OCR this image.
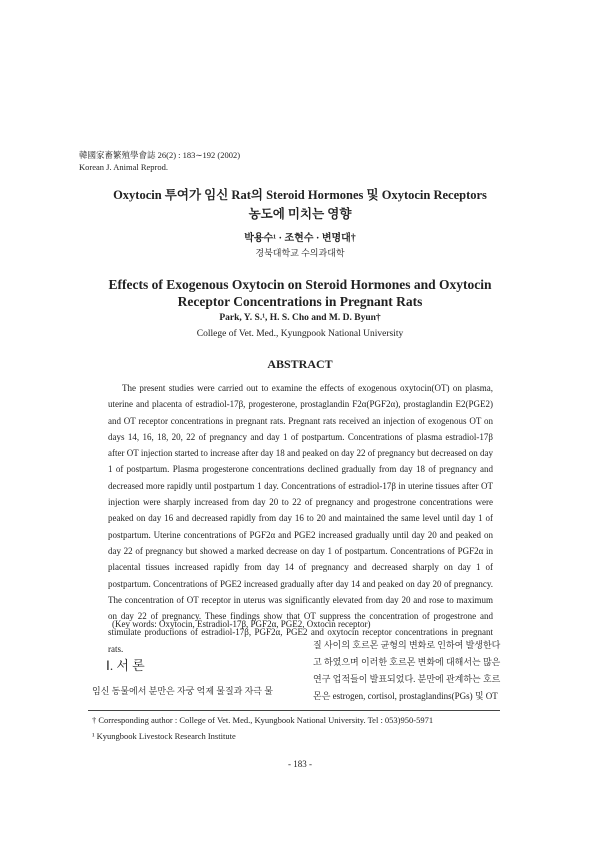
韓國家畜繁殖學會誌 26(2) : 183∼192 (2002)
Korean J. Animal Reprod.
Oxytocin 투여가 임신 Rat의 Steroid Hormones 및 Oxytocin Receptors
농도에 미치는 영향
박용수¹ · 조현수 · 변명대†
경북대학교 수의과대학
Effects of Exogenous Oxytocin on Steroid Hormones and Oxytocin
Receptor Concentrations in Pregnant Rats
Park, Y. S.¹, H. S. Cho and M. D. Byun†
College of Vet. Med., Kyungpook National University
ABSTRACT

The present studies were carried out to examine the effects of exogenous oxytocin(OT) on plasma, uterine and placenta of estradiol-17β, progesterone, prostaglandin F2α(PGF2α), prostaglandin E2(PGE2) and OT receptor concentrations in pregnant rats. Pregnant rats received an injection of exogenous OT on days 14, 16, 18, 20, 22 of pregnancy and day 1 of postpartum. Concentrations of plasma estradiol-17β after OT injection started to increase after day 18 and peaked on day 22 of pregnancy but decreased on day 1 of postpartum. Plasma progesterone concentrations declined gradually from day 18 of pregnancy and decreased more rapidly until postpartum 1 day. Concentrations of estradiol-17β in uterine tissues after OT injection were sharply increased from day 20 to 22 of pregnancy and progestrone concentrations were peaked on day 16 and decreased rapidly from day 16 to 20 and maintained the same level until day 1 of postpartum. Uterine concentrations of PGF2α and PGE2 increased gradually until day 20 and peaked on day 22 of pregnancy but showed a marked decrease on day 1 of postpartum. Concentrations of PGF2α in placental tissues increased rapidly from day 14 of pregnancy and decreased sharply on day 1 of postpartum. Concentrations of PGE2 increased gradually after day 14 and peaked on day 20 of pregnancy. The concentration of OT receptor in uterus was significantly elevated from day 20 and rose to maximum on day 22 of pregnancy. These findings show that OT suppress the concentration of progestrone and stimulate productions of estradiol-17β, PGF2α, PGE2 and oxytocin receptor concentrations in pregnant rats.

(Key words: Oxytocin, Estradiol-17β, PGF2α, PGE2, Oxtocin receptor)
Ⅰ. 서 론
임신 동물에서 분만은 자궁 억제 물질과 자극 물
질 사이의 호르몬 균형의 변화로 인하여 발생한다
고 하였으며 이러한 호르몬 변화에 대해서는 많은
연구 업적들이 발표되었다. 분만에 관계하는 호르
몬은 estrogen, cortisol, prostaglandins(PGs) 및 OT
† Corresponding author : College of Vet. Med., Kyungbook National University. Tel : 053)950-5971
¹ Kyungbook Livestock Research Institute
- 183 -
